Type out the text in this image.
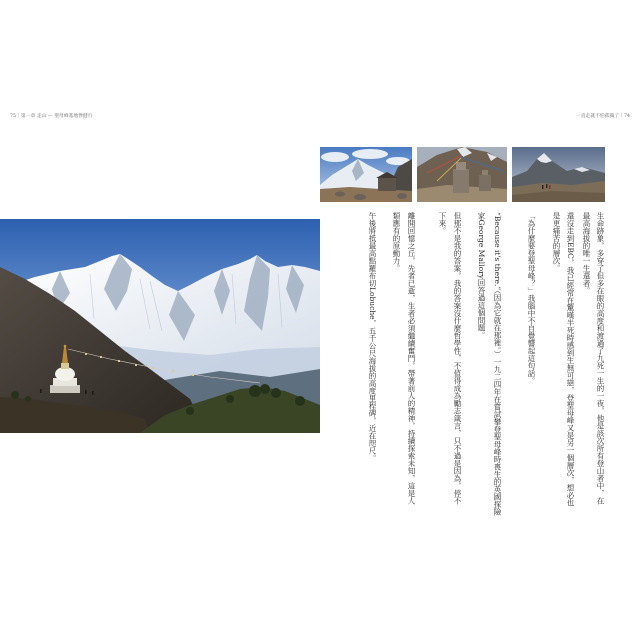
75｜第一章 走山 — 聖母峰基地營健行	一直走就不怕孤獨了｜74
生命跡象，多穿了但多在眼的高度和渡過了九死一生的一夜，他是該次所有登山者中，在
最高海拔的唯一生還者。
還沒走到EBC，我已經常在驚嘆半死時感到生無可戀，登聖母峰又是另一個層次，想必也
是更痛苦的層次。
「為什麼要登聖母峰？」我腦中不自覺響起這句話。
“Because it's there.”（因為它就在那裡。）一九二四年在嘗試攀登聖母峰時喪生的英國探險
家George Mallory回答過這個問題。
但那不是我的答案，我的答案沒什麼哲學性，不值得成為勵志箴言，只不過是因為，停不
下來。
離開回憶之丘，先者已逝，生者必須繼續奮鬥，帶著前人的精神，持續探索未知，這是人
類應有的原動力。
午後將抵最高點羅布切Lobuche，五千公尺海拔的高度里程碑，近在咫尺。
